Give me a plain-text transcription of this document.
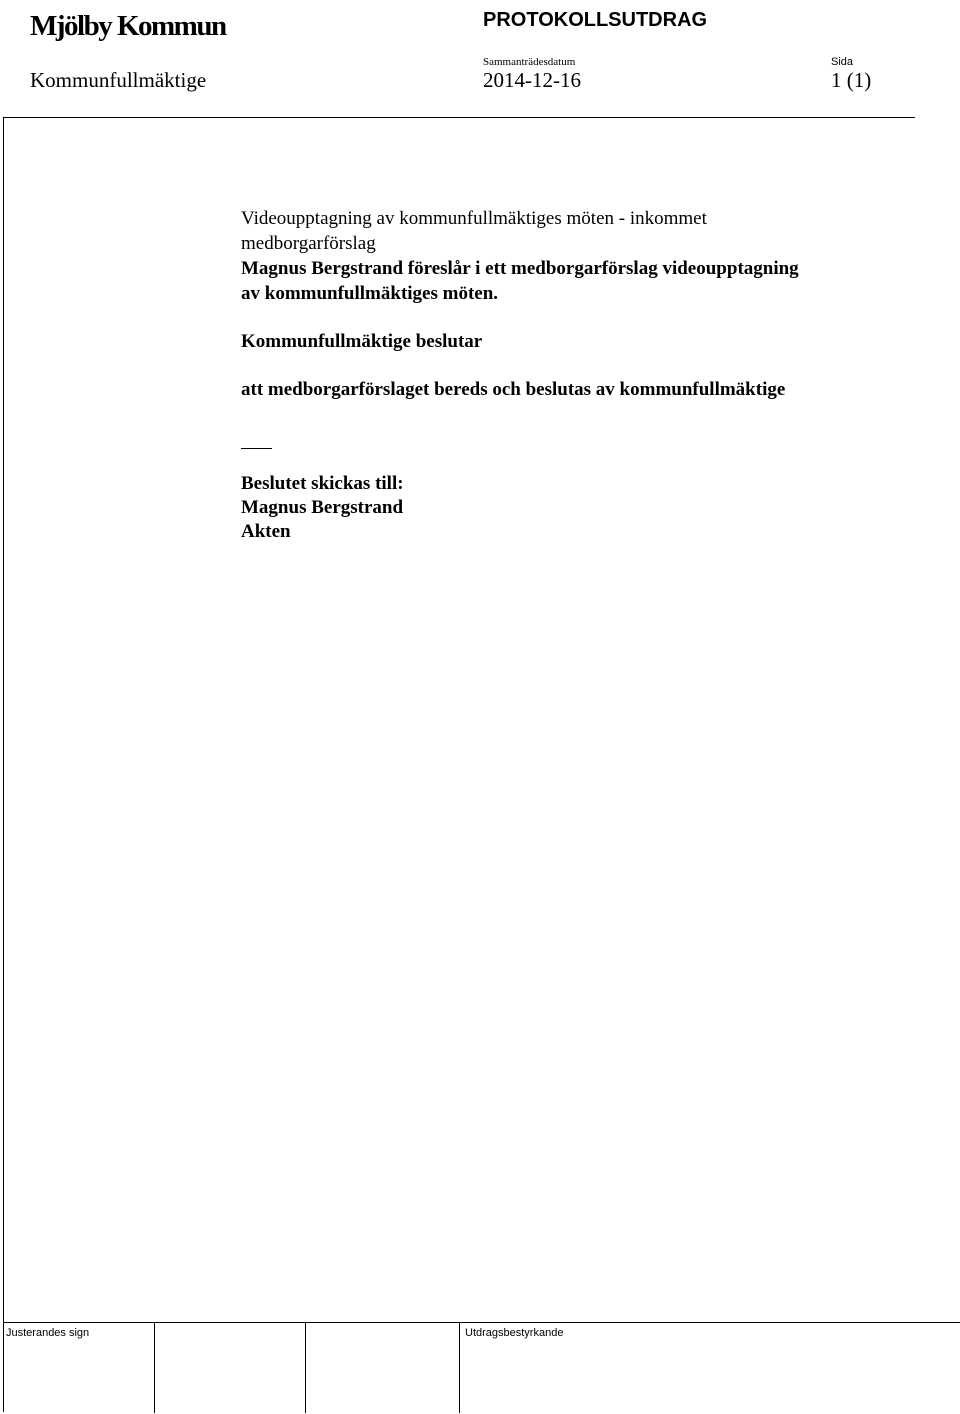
Mjölby Kommun	PROTOKOLLSUTDRAG
Sammanträdesdatum	Sida
Kommunfullmäktige	2014-12-16	1 (1)

Videoupptagning av kommunfullmäktiges möten - inkommet
medborgarförslag

Magnus Bergstrand föreslår i ett medborgarförslag videoupptagning
av kommunfullmäktiges möten.

Kommunfullmäktige beslutar

att medborgarförslaget bereds och beslutas av kommunfullmäktige

Beslutet skickas till:
Magnus Bergstrand
Akten
Justerandes sign	Utdragsbestyrkande
